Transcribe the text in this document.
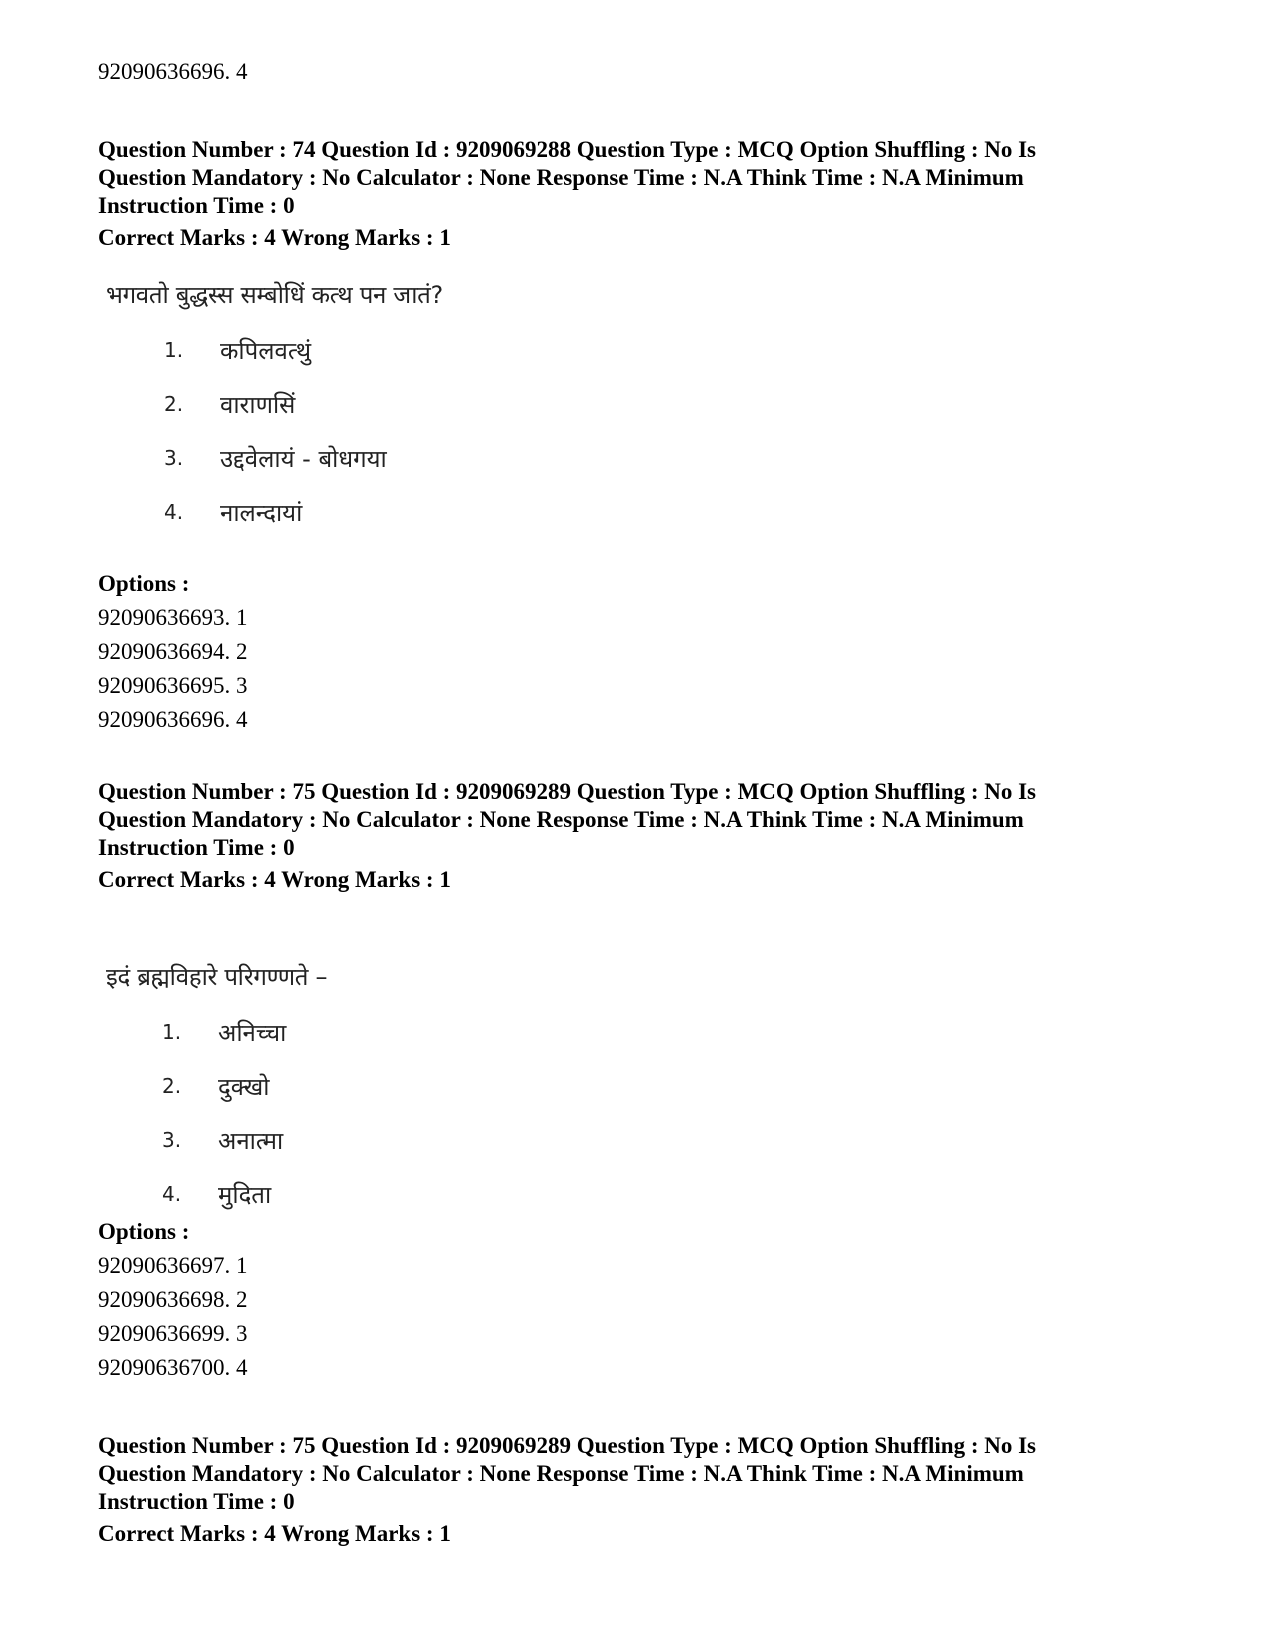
92090636696. 4
Question Number : 74 Question Id : 9209069288 Question Type : MCQ Option Shuffling : No Is
Question Mandatory : No Calculator : None Response Time : N.A Think Time : N.A Minimum
Instruction Time : 0
Correct Marks : 4 Wrong Marks : 1
भगवतो बुद्धस्स सम्बोधिं कत्थ पन जातं?
1. कपिलवत्थुं
2. वाराणसिं
3. उद्दवेलायं - बोधगया
4. नालन्दायां
Options :
92090636693. 1
92090636694. 2
92090636695. 3
92090636696. 4
Question Number : 75 Question Id : 9209069289 Question Type : MCQ Option Shuffling : No Is
Question Mandatory : No Calculator : None Response Time : N.A Think Time : N.A Minimum
Instruction Time : 0
Correct Marks : 4 Wrong Marks : 1
इदं ब्रह्मविहारे परिगण्णते –
1. अनिच्चा
2. दुक्खो
3. अनात्मा
4. मुदिता
Options :
92090636697. 1
92090636698. 2
92090636699. 3
92090636700. 4
Question Number : 75 Question Id : 9209069289 Question Type : MCQ Option Shuffling : No Is
Question Mandatory : No Calculator : None Response Time : N.A Think Time : N.A Minimum
Instruction Time : 0
Correct Marks : 4 Wrong Marks : 1
